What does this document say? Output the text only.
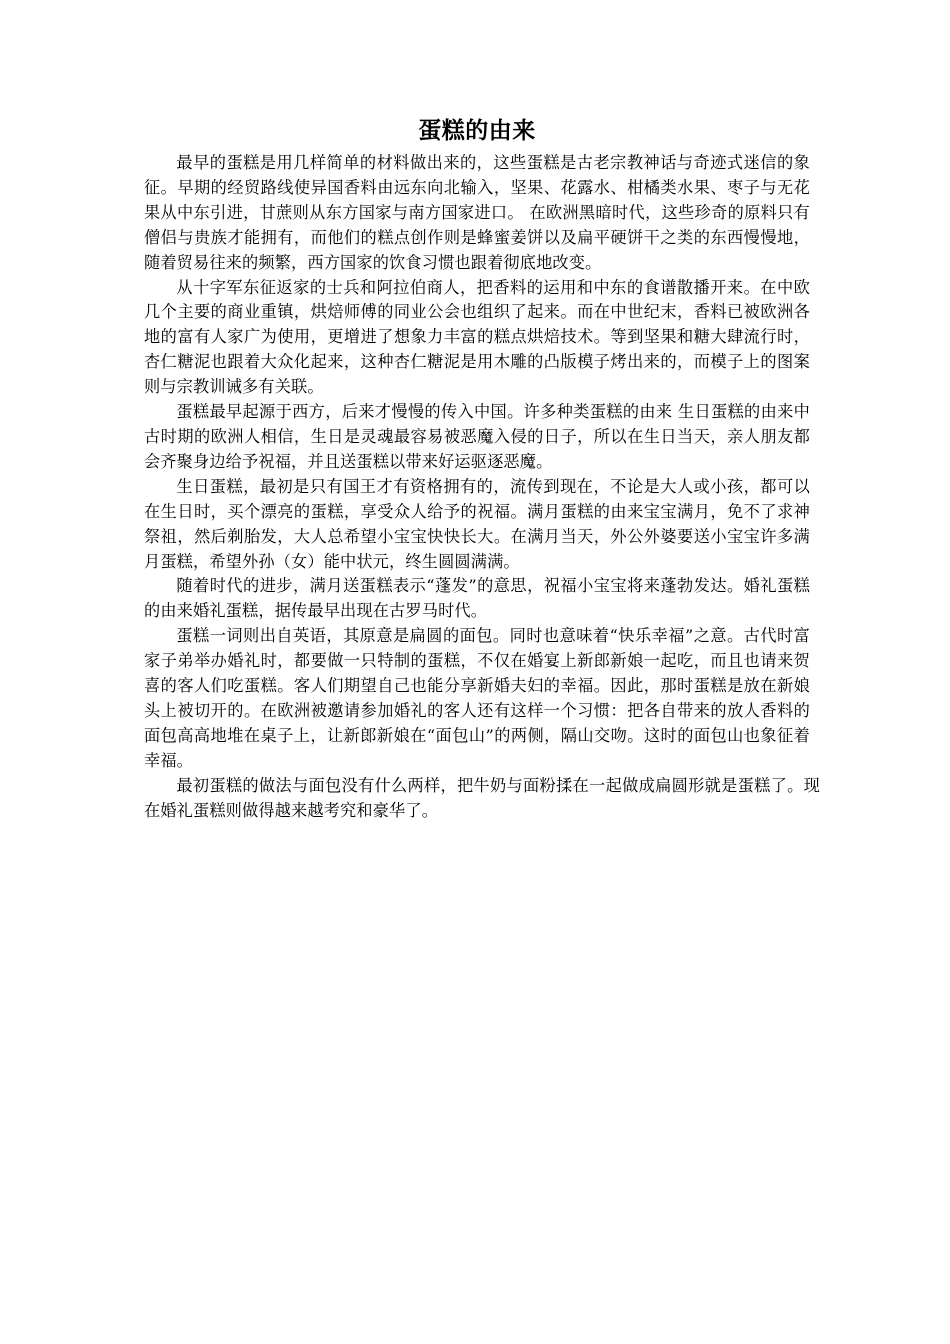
蛋糕的由来

最早的蛋糕是用几样简单的材料做出来的，这些蛋糕是古老宗教神话与奇迹式迷信的象征。早期的经贸路线使异国香料由远东向北输入，坚果、花露水、柑橘类水果、枣子与无花果从中东引进，甘蔗则从东方国家与南方国家进口。 在欧洲黑暗时代，这些珍奇的原料只有僧侣与贵族才能拥有，而他们的糕点创作则是蜂蜜姜饼以及扁平硬饼干之类的东西慢慢地，随着贸易往来的频繁，西方国家的饮食习惯也跟着彻底地改变。

从十字军东征返家的士兵和阿拉伯商人，把香料的运用和中东的食谱散播开来。在中欧几个主要的商业重镇，烘焙师傅的同业公会也组织了起来。而在中世纪末，香料已被欧洲各地的富有人家广为使用，更增进了想象力丰富的糕点烘焙技术。等到坚果和糖大肆流行时，杏仁糖泥也跟着大众化起来，这种杏仁糖泥是用木雕的凸版模子烤出来的，而模子上的图案则与宗教训诫多有关联。

蛋糕最早起源于西方，后来才慢慢的传入中国。许多种类蛋糕的由来 生日蛋糕的由来中古时期的欧洲人相信，生日是灵魂最容易被恶魔入侵的日子，所以在生日当天，亲人朋友都会齐聚身边给予祝福，并且送蛋糕以带来好运驱逐恶魔。

生日蛋糕，最初是只有国王才有资格拥有的，流传到现在，不论是大人或小孩，都可以在生日时，买个漂亮的蛋糕，享受众人给予的祝福。满月蛋糕的由来宝宝满月，免不了求神祭祖，然后剃胎发，大人总希望小宝宝快快长大。在满月当天，外公外婆要送小宝宝许多满月蛋糕，希望外孙（女）能中状元，终生圆圆满满。

随着时代的进步，满月送蛋糕表示“蓬发”的意思，祝福小宝宝将来蓬勃发达。婚礼蛋糕的由来婚礼蛋糕，据传最早出现在古罗马时代。

蛋糕一词则出自英语，其原意是扁圆的面包。同时也意味着“快乐幸福”之意。古代时富家子弟举办婚礼时，都要做一只特制的蛋糕，不仅在婚宴上新郎新娘一起吃，而且也请来贺喜的客人们吃蛋糕。客人们期望自己也能分享新婚夫妇的幸福。因此，那时蛋糕是放在新娘头上被切开的。在欧洲被邀请参加婚礼的客人还有这样一个习惯：把各自带来的放人香料的面包高高地堆在桌子上，让新郎新娘在“面包山”的两侧，隔山交吻。这时的面包山也象征着幸福。

最初蛋糕的做法与面包没有什么两样，把牛奶与面粉揉在一起做成扁圆形就是蛋糕了。现在婚礼蛋糕则做得越来越考究和豪华了。
